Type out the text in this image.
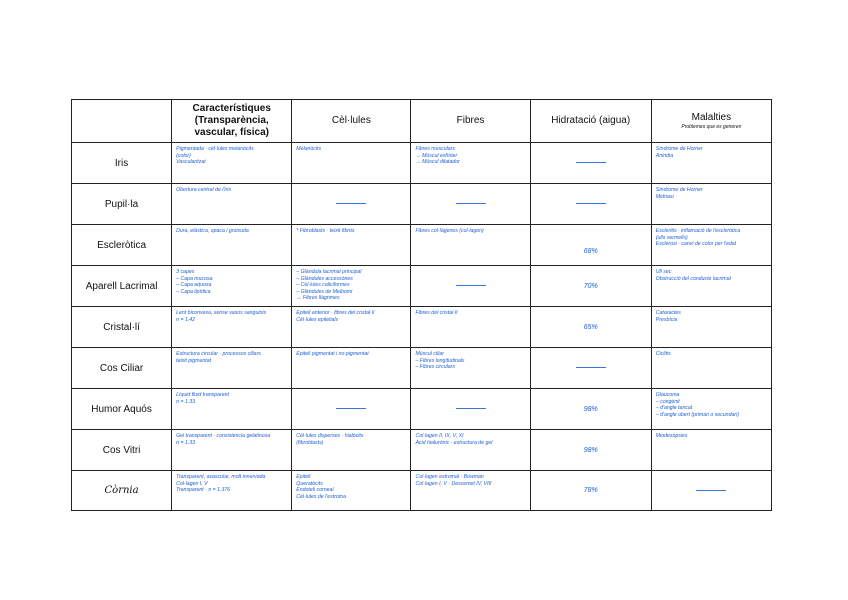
	Característiques
(Transparència,
vascular, física)	Cèl·lules	Fibres	Hidratació (aigua)	Malalties
Problemes que es generen

Iris	Pigmentada · cèl·lules melanòcits
(color)
Vascularitzat	Melanòcits	Fibres musculars
→ Múscul esfínter
→ Múscul dilatador		Síndrome de Horner
Aniridia

Pupil·la	Obertura central de l'iris				Síndrome de Horner
Midriasi

Escleròtica	Dura, elàstica, opaca i groixuda	* Fibroblasts · teixit fibrós	Fibres col·làgenes (col·lagen)	68%	Escleritis · inflamació de l'escleròtica
(ulls vermells)
Esclerosi · canvi de color per l'edat

Aparell Lacrimal	3 capes
– Capa mucosa
– Capa aquosa
– Capa lipídica	– Glàndula lacrimal principal
– Glàndules accessòries
– Cèl·lules caliciformes
– Glàndules de Meibomi
→ Fibres llàgrimes		70%	Ull sec
Obstrucció del conducte lacrimal

Cristal·lí	Lent biconvexa, sense vasos sanguinis
n = 1.42	Epiteli anterior · fibres del cristal·lí
Cèl·lules epitelials	Fibres del cristal·lí	65%	Cataractes
Presbícia

Cos Ciliar	Estructura circular · processos ciliars
teixit pigmentat	Epiteli pigmentat i no pigmentat	Múscul ciliar
– Fibres longitudinals
– Fibres circulars		Ciclitis

Humor Aquós	Líquid fluid transparent
n = 1.33			98%	Glaucoma
– congènit
– d'angle tancat
– d'angle obert (primari o secundari)

Cos Vitri	Gel transparent · consistència gelatinosa
n = 1.33	Cèl·lules disperses · hialòcits
(fibroblasts)	Col·lagen II, IX, V, XI
Àcid hialurònic · estructura de gel	98%	Miodesòpsies

Còrnia	Transparent, avascular, molt innervada
Col·lagen I, V
Transparent · n = 1.376	Epiteli
Queratòcits
Endoteli corneal
Cèl·lules de l'estroma	Col·lagen estromal · Bowman
Col·lagen I, V · Descemet IV, VIII	78%	
